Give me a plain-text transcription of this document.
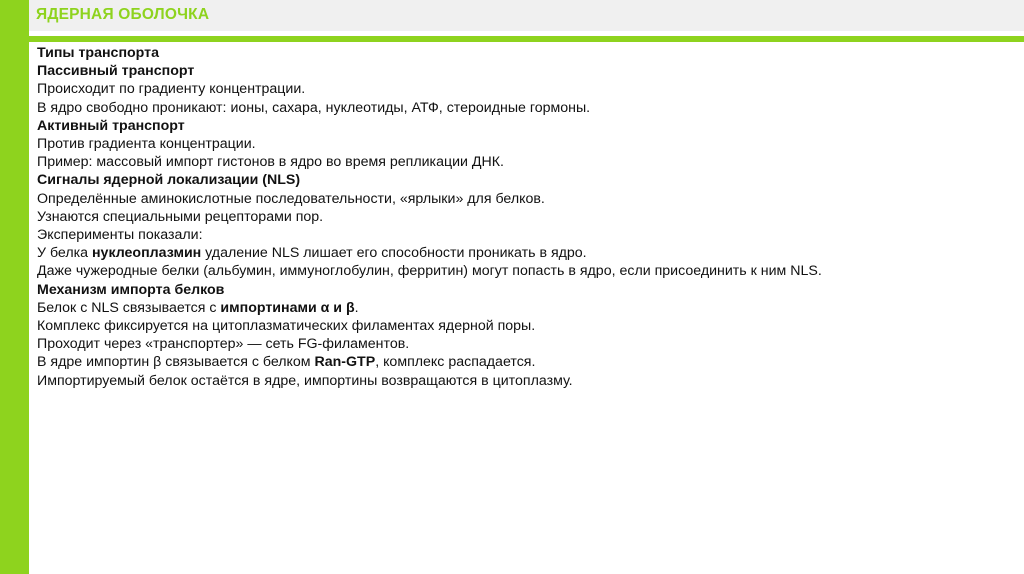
ЯДЕРНАЯ ОБОЛОЧКА
Типы транспорта
Пассивный транспорт
Происходит по градиенту концентрации.
В ядро свободно проникают: ионы, сахара, нуклеотиды, АТФ, стероидные гормоны.
Активный транспорт
Против градиента концентрации.
Пример: массовый импорт гистонов в ядро во время репликации ДНК.
Сигналы ядерной локализации (NLS)
Определённые аминокислотные последовательности, «ярлыки» для белков.
Узнаются специальными рецепторами пор.
Эксперименты показали:
У белка нуклеоплазмин удаление NLS лишает его способности проникать в ядро.
Даже чужеродные белки (альбумин, иммуноглобулин, ферритин) могут попасть в ядро, если присоединить к ним NLS.
Механизм импорта белков
Белок с NLS связывается с импортинами α и β.
Комплекс фиксируется на цитоплазматических филаментах ядерной поры.
Проходит через «транспортер» — сеть FG-филаментов.
В ядре импортин β связывается с белком Ran-GTP, комплекс распадается.
Импортируемый белок остаётся в ядре, импортины возвращаются в цитоплазму.
